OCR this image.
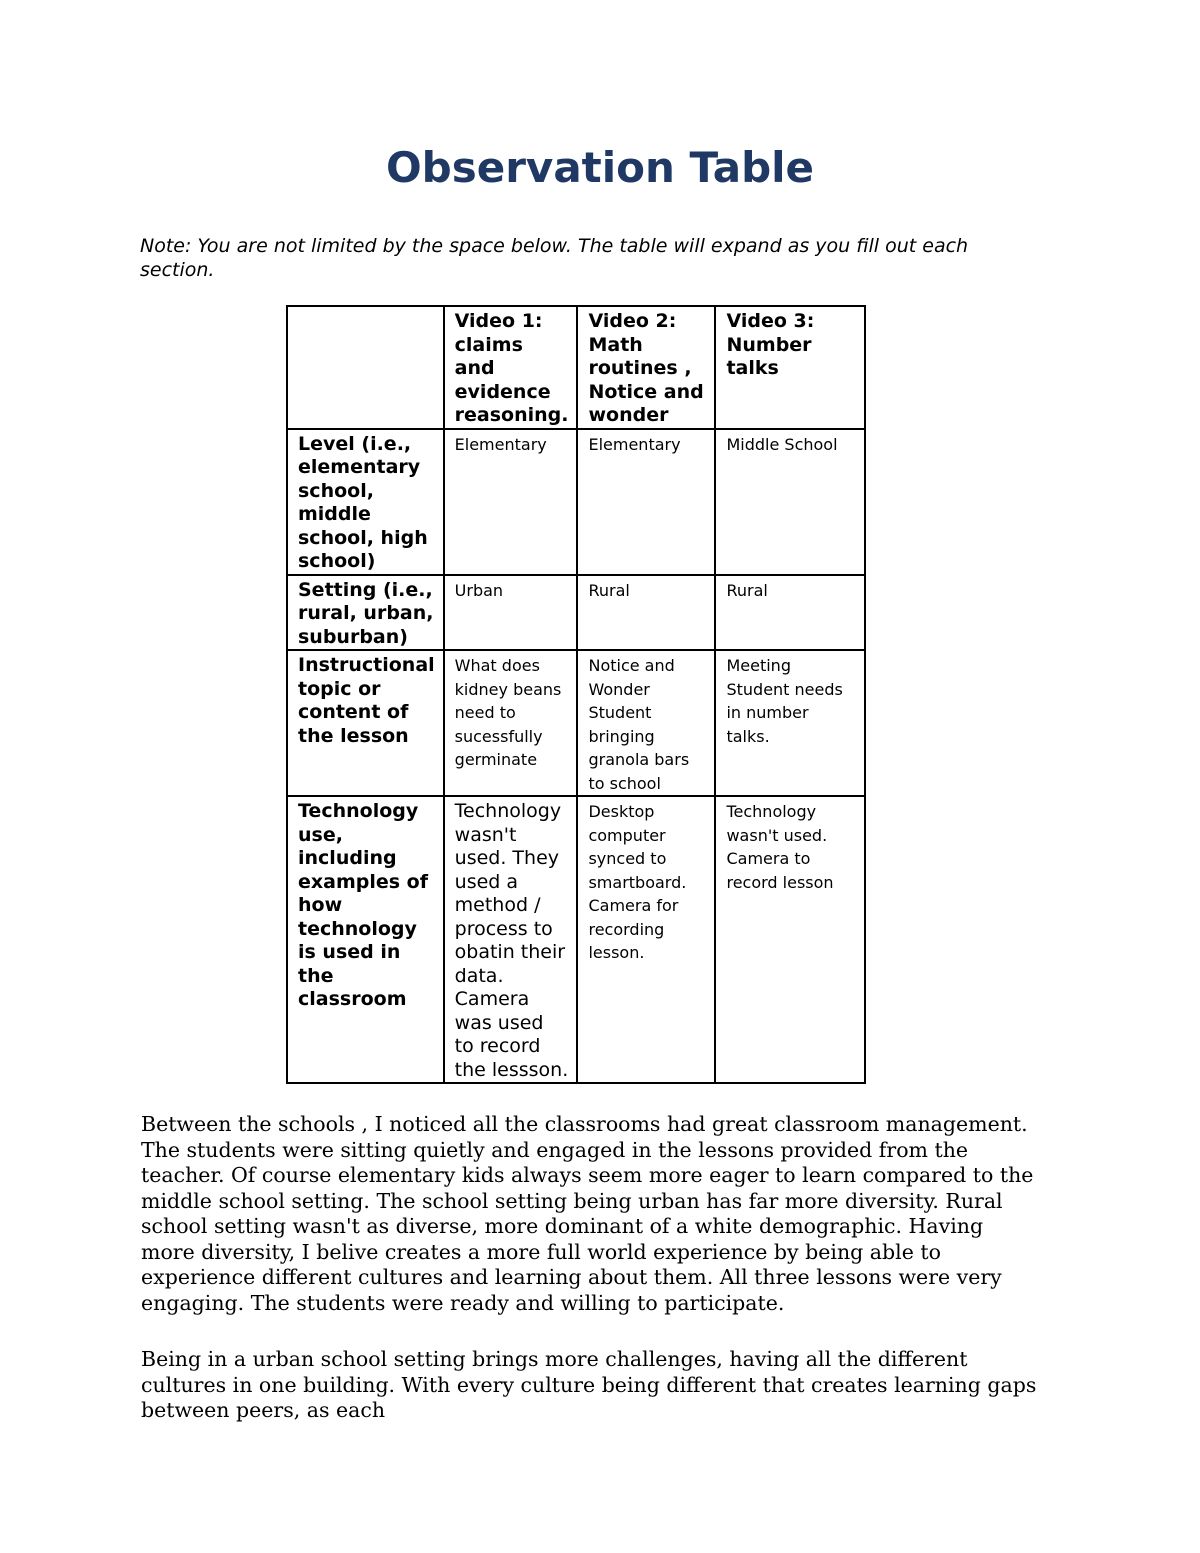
Observation Table

Note: You are not limited by the space below. The table will expand as you fill out each section.

	Video 1: claims and evidence reasoning.	Video 2: Math routines , Notice and wonder	Video 3: Number talks
Level (i.e., elementary school, middle school, high school)	Elementary	Elementary	Middle School
Setting (i.e., rural, urban, suburban)	Urban	Rural	Rural
Instructional topic or content of the lesson	What does kidney beans need to sucessfully germinate	Notice and Wonder Student bringing granola bars to school	Meeting Student needs in number talks.
Technology use, including examples of how technology is used in the classroom	Technology wasn't used. They used a method / process to obatin their data. Camera was used to record the lessson.	Desktop computer synced to smartboard. Camera for recording lesson.	Technology wasn't used. Camera to record lesson

Between the schools , I noticed all the classrooms had great classroom management. The students were sitting quietly and engaged in the lessons provided from the teacher. Of course elementary kids always seem more eager to learn compared to the middle school setting. The school setting being urban has far more diversity. Rural school setting wasn't as diverse, more dominant of a white demographic. Having more diversity, I belive creates a more full world experience by being able to experience different cultures and learning about them. All three lessons were very engaging. The students were ready and willing to participate.

Being in a urban school setting brings more challenges, having all the different cultures in one building. With every culture being different that creates learning gaps between peers, as each
